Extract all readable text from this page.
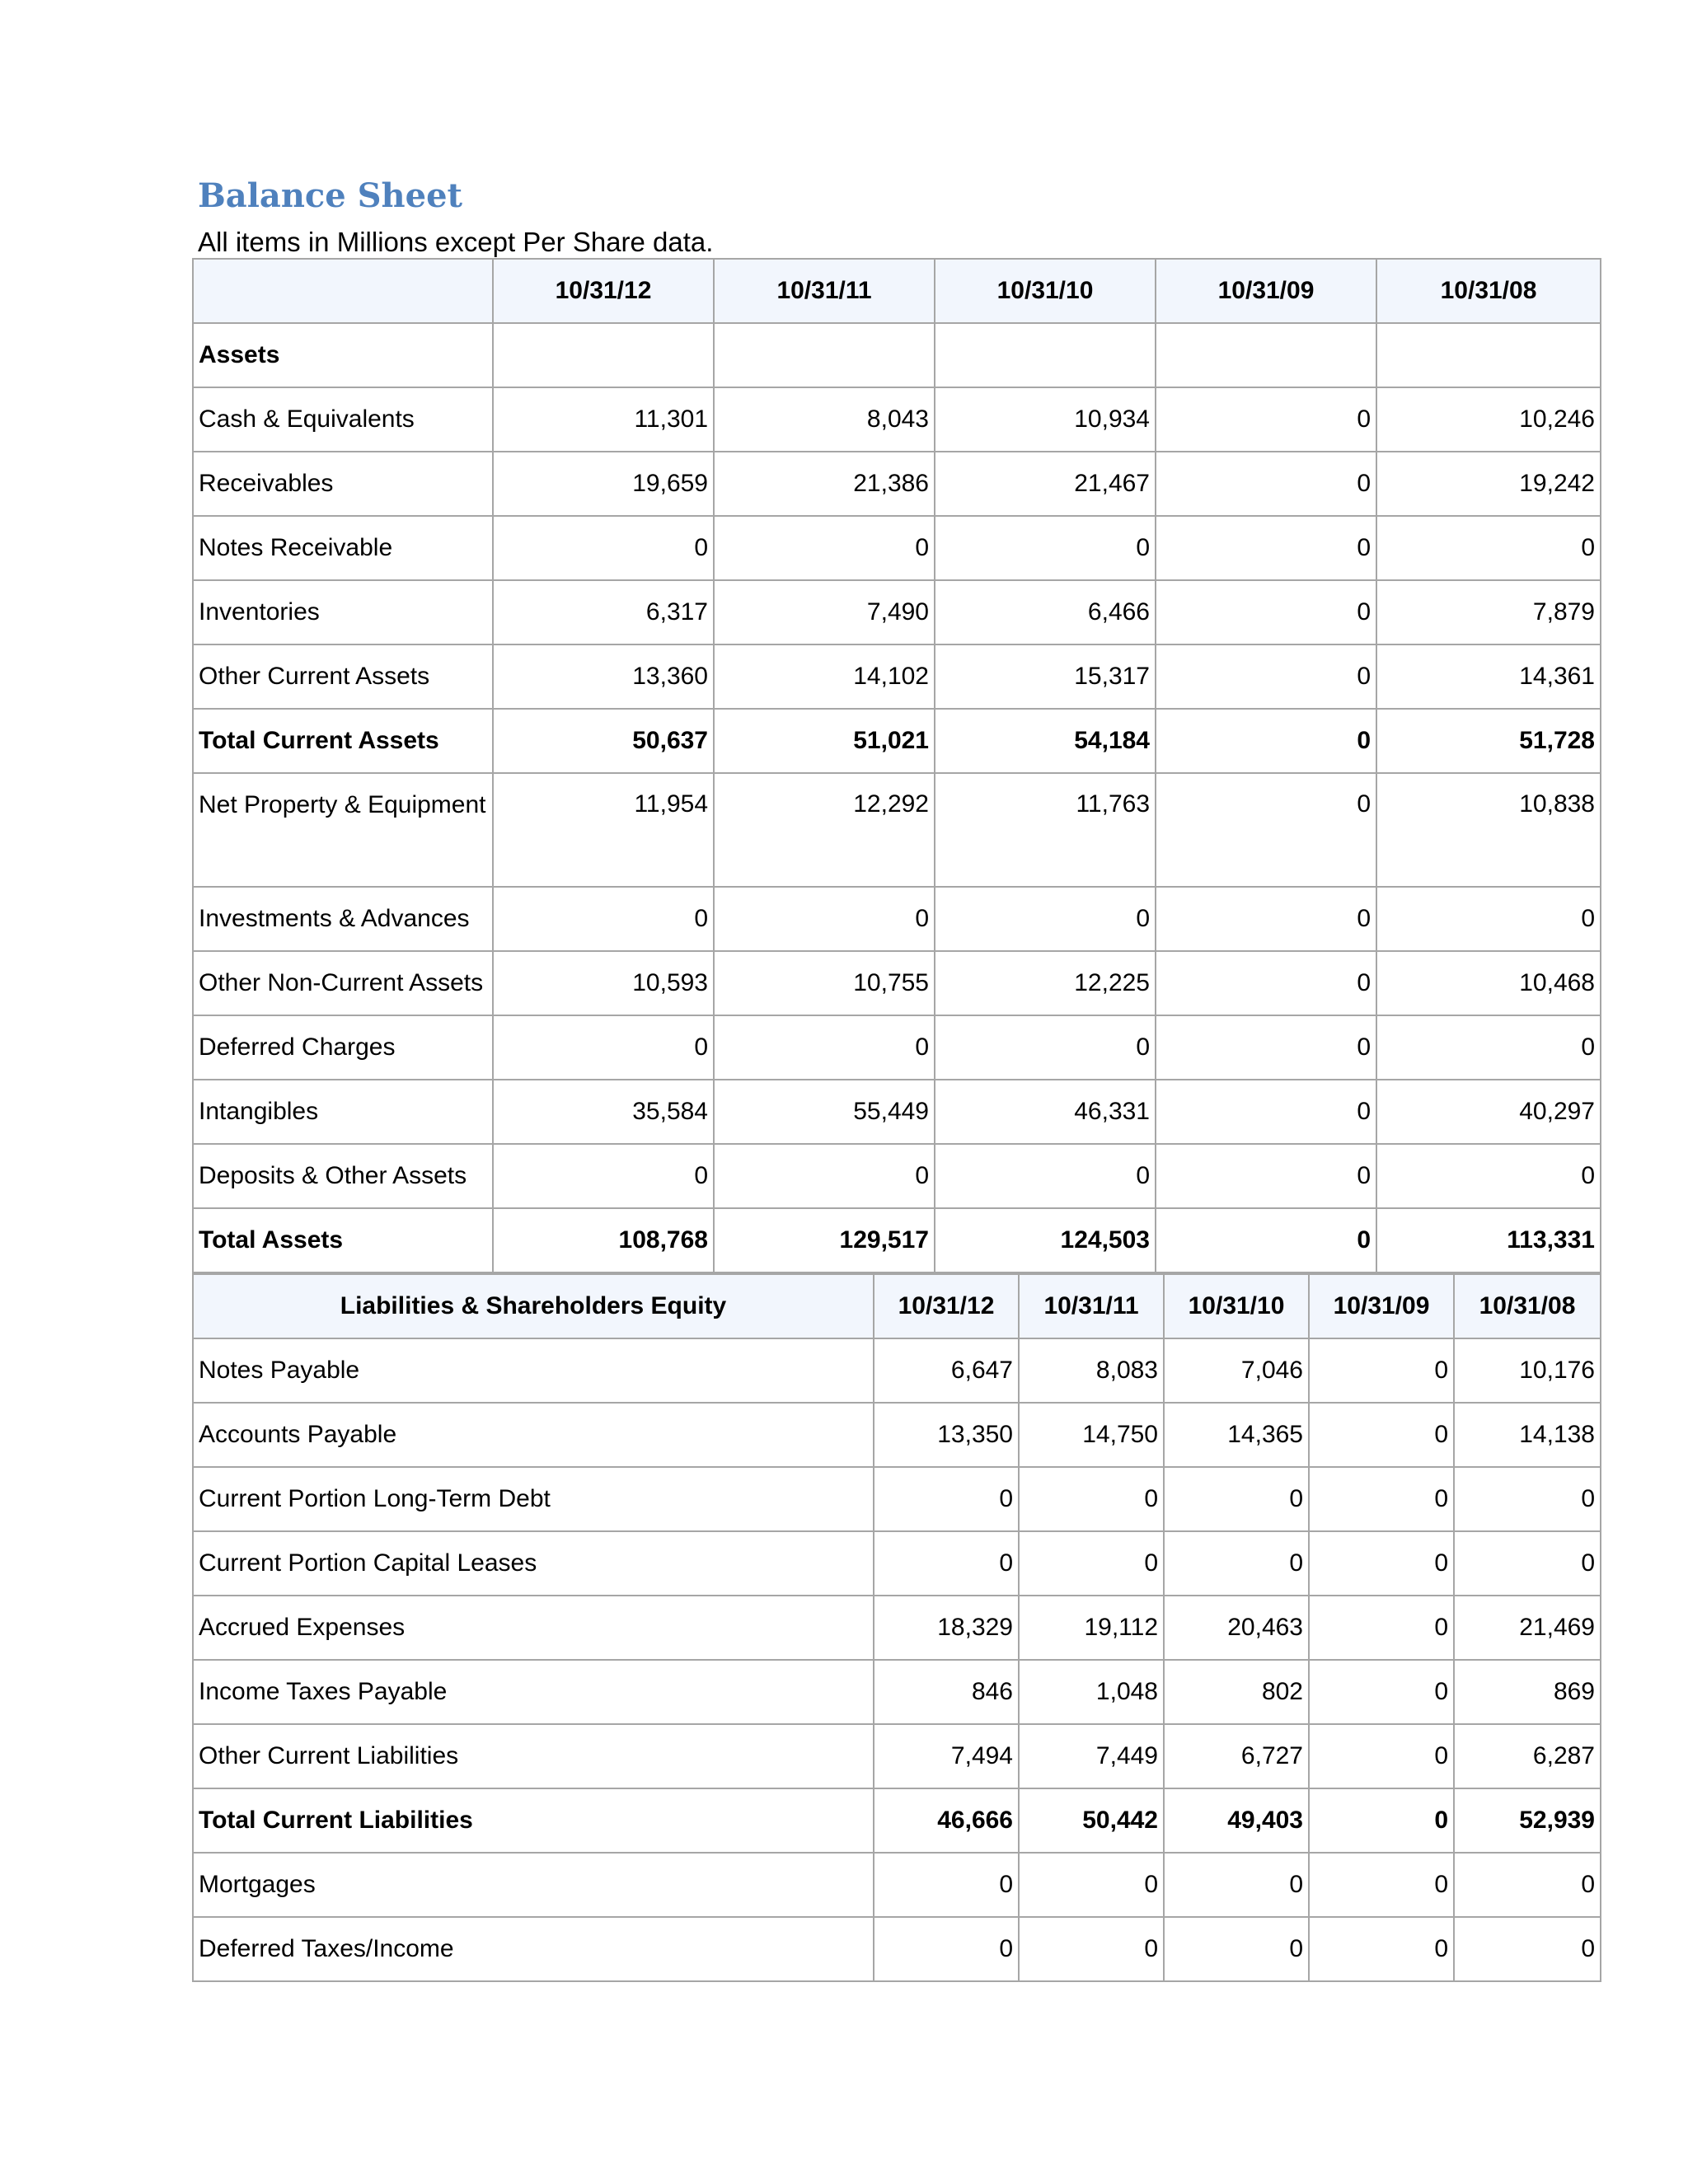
Balance Sheet
All items in Millions except Per Share data.
	10/31/12	10/31/11	10/31/10	10/31/09	10/31/08
Assets					
Cash & Equivalents	11,301	8,043	10,934	0	10,246
Receivables	19,659	21,386	21,467	0	19,242
Notes Receivable	0	0	0	0	0
Inventories	6,317	7,490	6,466	0	7,879
Other Current Assets	13,360	14,102	15,317	0	14,361
Total Current Assets	50,637	51,021	54,184	0	51,728
Net Property & Equipment	11,954	12,292	11,763	0	10,838
Investments & Advances	0	0	0	0	0
Other Non-Current Assets	10,593	10,755	12,225	0	10,468
Deferred Charges	0	0	0	0	0
Intangibles	35,584	55,449	46,331	0	40,297
Deposits & Other Assets	0	0	0	0	0
Total Assets	108,768	129,517	124,503	0	113,331
Liabilities & Shareholders Equity	10/31/12	10/31/11	10/31/10	10/31/09	10/31/08
Notes Payable	6,647	8,083	7,046	0	10,176
Accounts Payable	13,350	14,750	14,365	0	14,138
Current Portion Long-Term Debt	0	0	0	0	0
Current Portion Capital Leases	0	0	0	0	0
Accrued Expenses	18,329	19,112	20,463	0	21,469
Income Taxes Payable	846	1,048	802	0	869
Other Current Liabilities	7,494	7,449	6,727	0	6,287
Total Current Liabilities	46,666	50,442	49,403	0	52,939
Mortgages	0	0	0	0	0
Deferred Taxes/Income	0	0	0	0	0
